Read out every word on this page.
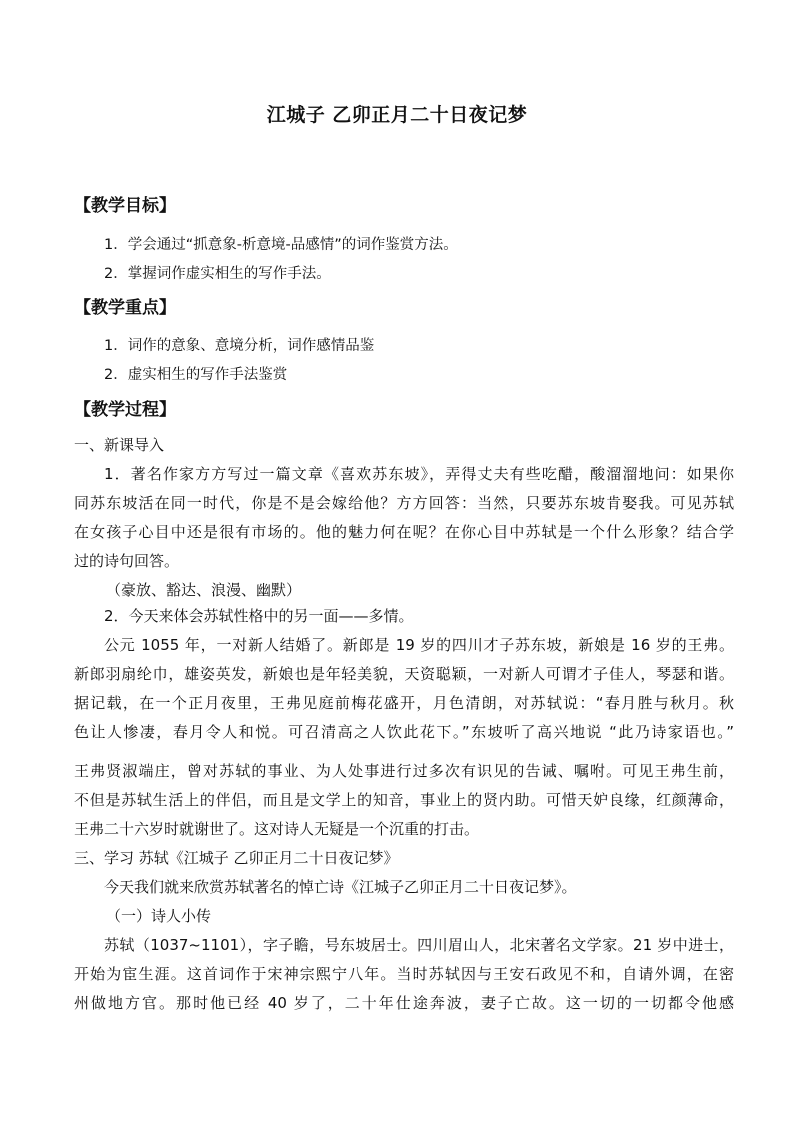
江城子 乙卯正月二十日夜记梦
【教学目标】
1．学会通过“抓意象-析意境-品感情”的词作鉴赏方法。
2．掌握词作虚实相生的写作手法。
【教学重点】
1．词作的意象、意境分析，词作感情品鉴
2．虚实相生的写作手法鉴赏
【教学过程】
一、新课导入
1．著名作家方方写过一篇文章《喜欢苏东坡》，弄得丈夫有些吃醋，酸溜溜地问：如果你
同苏东坡活在同一时代，你是不是会嫁给他？方方回答：当然，只要苏东坡肯娶我。可见苏轼
在女孩子心目中还是很有市场的。他的魅力何在呢？在你心目中苏轼是一个什么形象？结合学
过的诗句回答。
（豪放、豁达、浪漫、幽默）
2．今天来体会苏轼性格中的另一面——多情。
公元 1055 年，一对新人结婚了。新郎是 19 岁的四川才子苏东坡，新娘是 16 岁的王弗。
新郎羽扇纶巾，雄姿英发，新娘也是年轻美貌，天资聪颖，一对新人可谓才子佳人，琴瑟和谐。
据记载，在一个正月夜里，王弗见庭前梅花盛开，月色清朗，对苏轼说：“春月胜与秋月。秋
色让人惨凄，春月令人和悦。可召清高之人饮此花下。”东坡听了高兴地说 “此乃诗家语也。”
王弗贤淑端庄，曾对苏轼的事业、为人处事进行过多次有识见的告诫、嘱咐。可见王弗生前，
不但是苏轼生活上的伴侣，而且是文学上的知音，事业上的贤内助。可惜天妒良缘，红颜薄命，
王弗二十六岁时就谢世了。这对诗人无疑是一个沉重的打击。
三、学习 苏轼《江城子 乙卯正月二十日夜记梦》
今天我们就来欣赏苏轼著名的悼亡诗《江城子乙卯正月二十日夜记梦》。
（一）诗人小传
苏轼（1037~1101），字子瞻，号东坡居士。四川眉山人，北宋著名文学家。21 岁中进士，
开始为宦生涯。这首词作于宋神宗熙宁八年。当时苏轼因与王安石政见不和，自请外调，在密
州做地方官。那时他已经 40 岁了，二十年仕途奔波，妻子亡故。这一切的一切都令他感
